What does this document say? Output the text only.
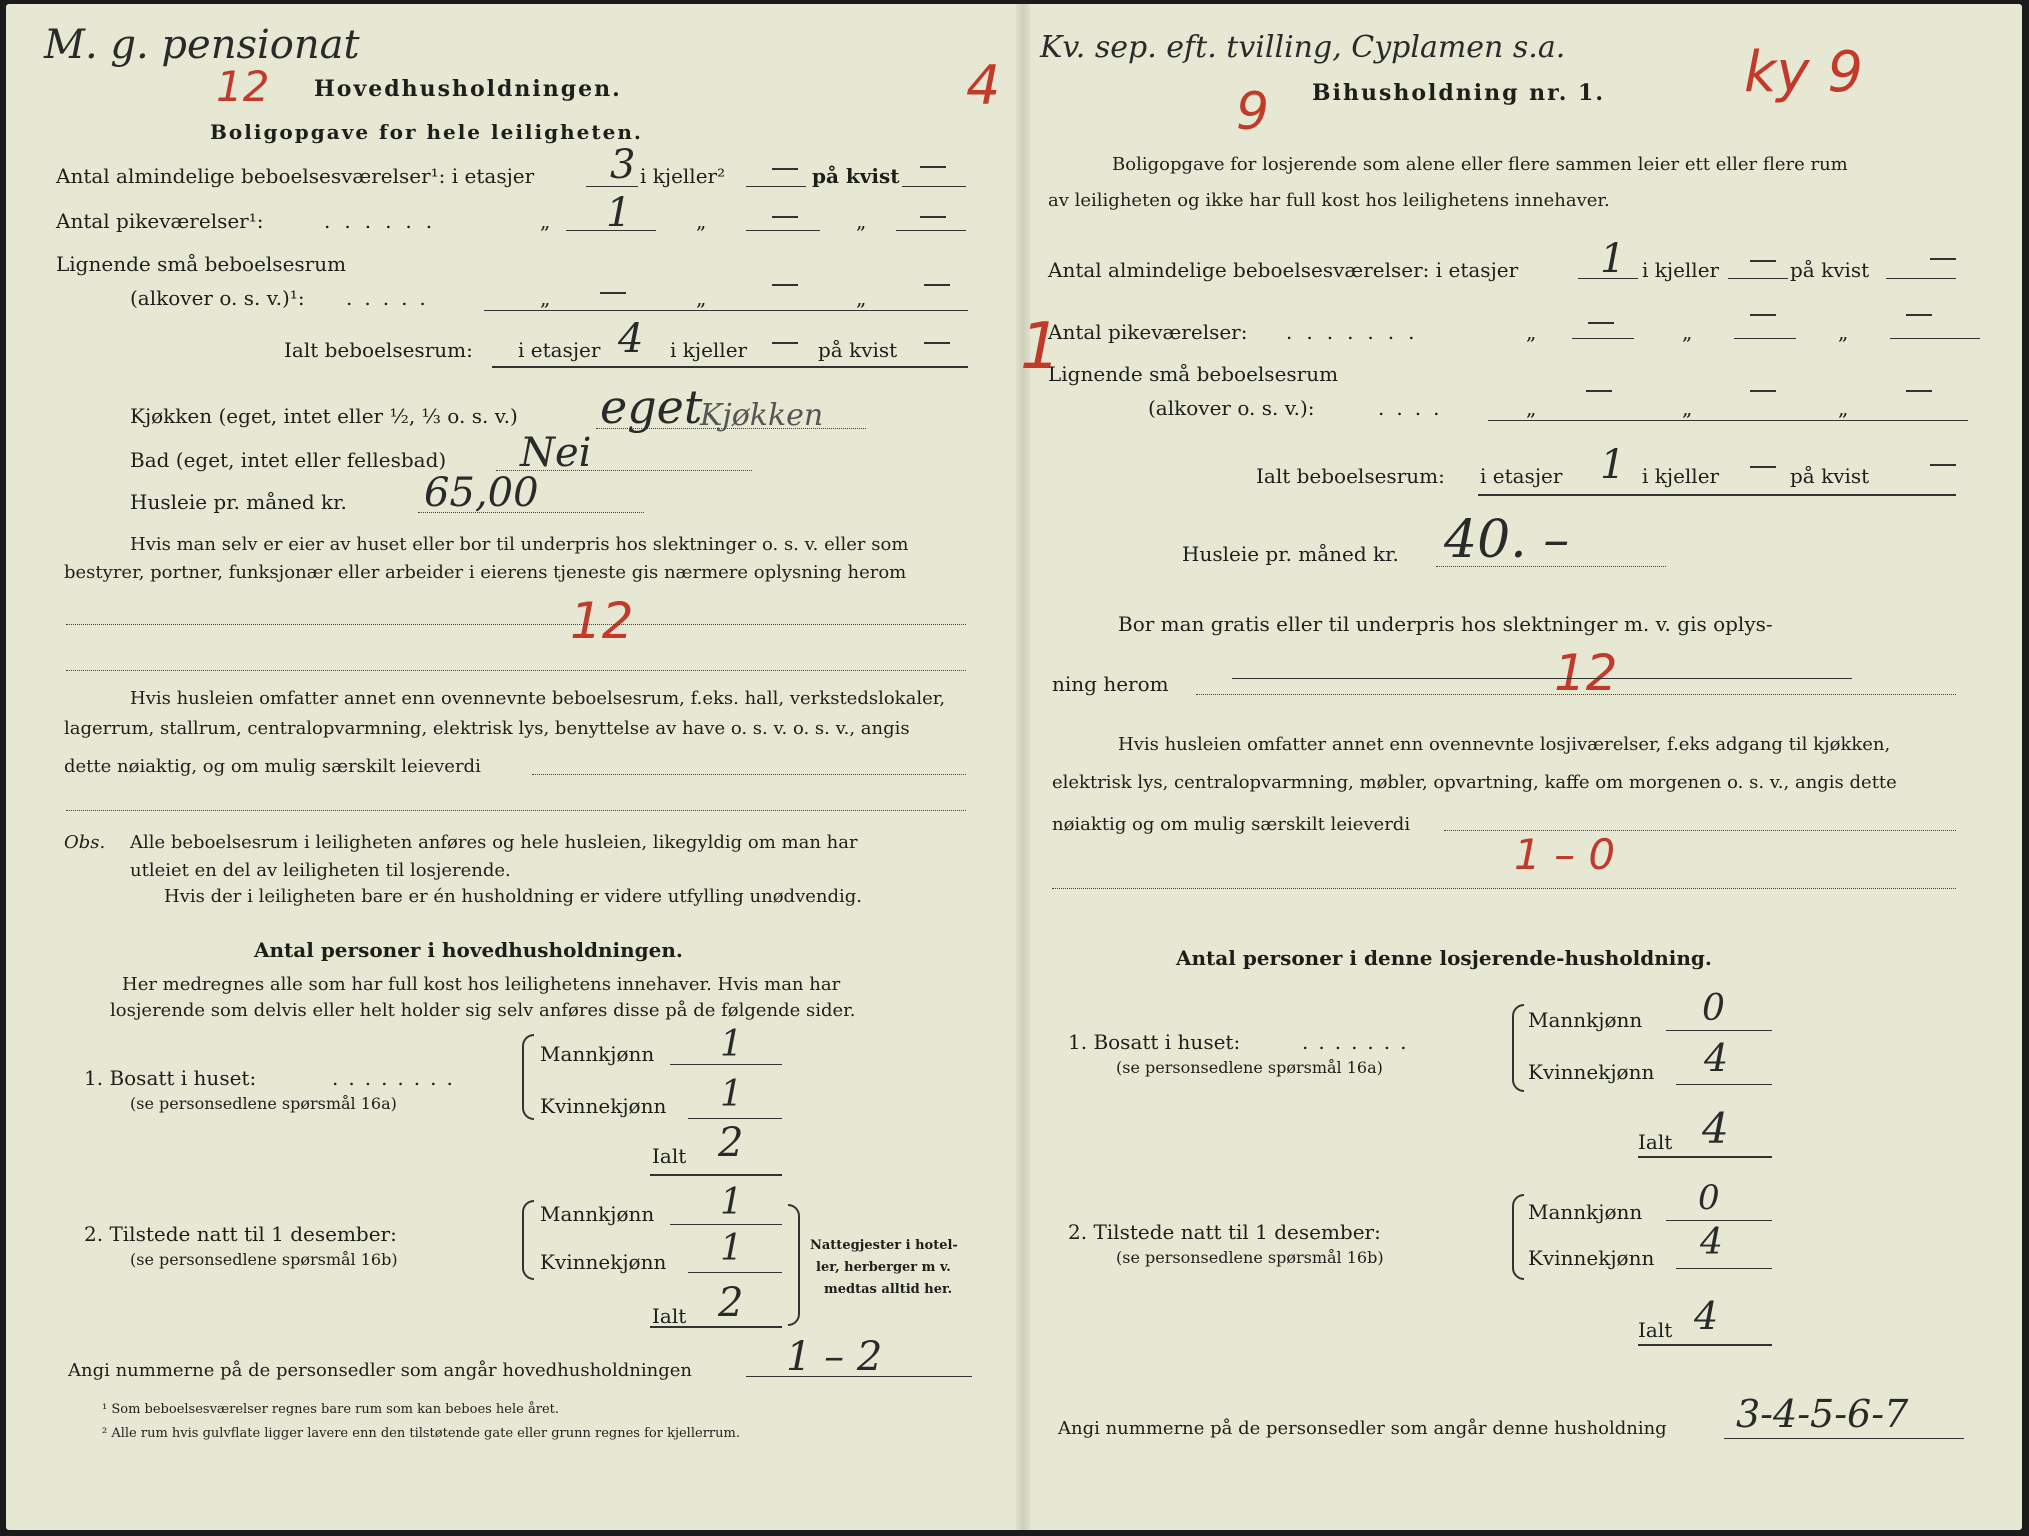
M. g. pensionat
12	4
Kv. sep. eft. tvilling, Cyplamen s.a.
9
ky 9
Hovedhusholdningen.
Boligopgave for hele leiligheten.
Antal almindelige beboelsesværelser¹: i etasjer 3 i kjeller²	på kvist
Antal pikeværelser¹:	......	„ 1	„	„
Lignende små beboelsesrum
(alkover o. s. v.)¹: .....	„	„	„
Ialt beboelsesrum: i etasjer 4 i kjeller	på kvist
Kjøkken (eget, intet eller ½, ⅓ o. s. v.) eget
Kjøkken
Bad (eget, intet eller fellesbad) Nei
Husleie pr. måned kr. 65,00
Hvis man selv er eier av huset eller bor til underpris hos slektninger o. s. v. eller som
bestyrer, portner, funksjonær eller arbeider i eierens tjeneste gis nærmere oplysning herom
12
Hvis husleien omfatter annet enn ovennevnte beboelsesrum, f.eks. hall, verkstedslokaler,
lagerrum, stallrum, centralopvarmning, elektrisk lys, benyttelse av have o. s. v. o. s. v., angis
dette nøiaktig, og om mulig særskilt leieverdi
Obs. Alle beboelsesrum i leiligheten anføres og hele husleien, likegyldig om man har
utleiet en del av leiligheten til losjerende.
Hvis der i leiligheten bare er én husholdning er videre utfylling unødvendig.
Antal personer i hovedhusholdningen.
Her medregnes alle som har full kost hos leilighetens innehaver. Hvis man har
losjerende som delvis eller helt holder sig selv anføres disse på de følgende sider.
1. Bosatt i huset:	........
(se personsedlene spørsmål 16a)
Mannkjønn 1
Kvinnekjønn 1
Ialt 2
2. Tilstede natt til 1 desember:
(se personsedlene spørsmål 16b)
Mannkjønn 1
Kvinnekjønn 1
Ialt 2
Nattegjester i hotel-
ler, herberger m v.
medtas alltid her.
Angi nummerne på de personsedler som angår hovedhusholdningen 1 – 2
¹ Som beboelsesværelser regnes bare rum som kan beboes hele året.
² Alle rum hvis gulvflate ligger lavere enn den tilstøtende gate eller grunn regnes for kjellerrum.
Bihusholdning nr. 1.
Boligopgave for losjerende som alene eller flere sammen leier ett eller flere rum
av leiligheten og ikke har full kost hos leilighetens innehaver.
1
Antal almindelige beboelsesværelser: i etasjer 1 i kjeller	på kvist
Antal pikeværelser: .......	„	„	„
Lignende små beboelsesrum
(alkover o. s. v.):	....	„	„	„
Ialt beboelsesrum: i etasjer 1 i kjeller	på kvist
Husleie pr. måned kr. 40. –
Bor man gratis eller til underpris hos slektninger m. v. gis oplys-
ning herom	12
Hvis husleien omfatter annet enn ovennevnte losjiværelser, f.eks adgang til kjøkken,
elektrisk lys, centralopvarmning, møbler, opvartning, kaffe om morgenen o. s. v., angis dette
nøiaktig og om mulig særskilt leieverdi
1 – 0
Antal personer i denne losjerende-husholdning.
1. Bosatt i huset:	.......
(se personsedlene spørsmål 16a)
Mannkjønn 0
Kvinnekjønn 4
Ialt 4
2. Tilstede natt til 1 desember:
(se personsedlene spørsmål 16b)
Mannkjønn 0
Kvinnekjønn 4
Ialt 4
Angi nummerne på de personsedler som angår denne husholdning 3-4-5-6-7
